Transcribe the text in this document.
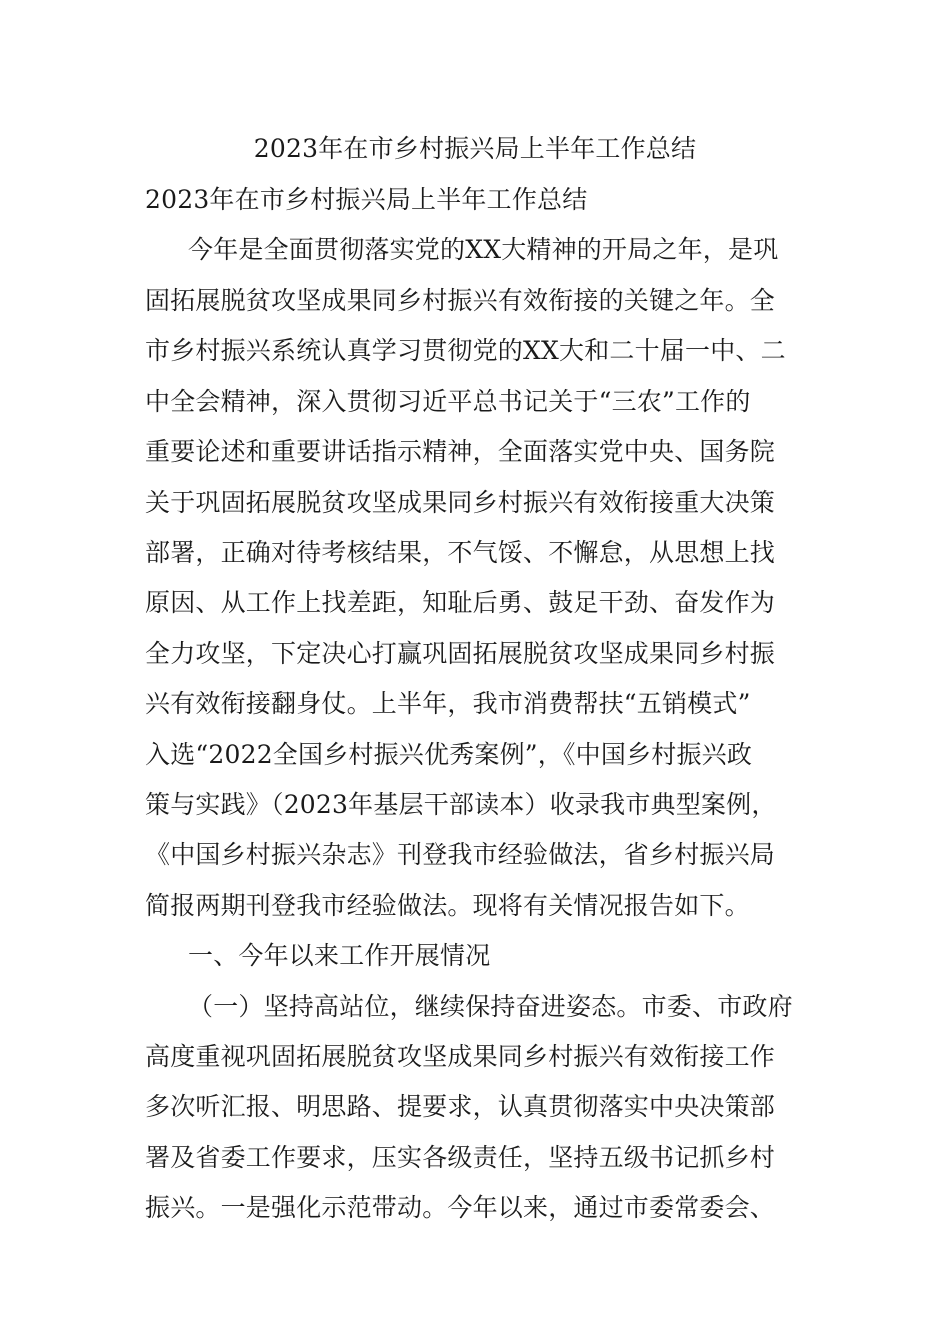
2023年在市乡村振兴局上半年工作总结
2023年在市乡村振兴局上半年工作总结
今年是全面贯彻落实党的XX大精神的开局之年，是巩
固拓展脱贫攻坚成果同乡村振兴有效衔接的关键之年。全
市乡村振兴系统认真学习贯彻党的XX大和二十届一中、二
中全会精神，深入贯彻习近平总书记关于“三农”工作的
重要论述和重要讲话指示精神，全面落实党中央、国务院
关于巩固拓展脱贫攻坚成果同乡村振兴有效衔接重大决策
部署，正确对待考核结果，不气馁、不懈怠，从思想上找
原因、从工作上找差距，知耻后勇、鼓足干劲、奋发作为
全力攻坚，下定决心打赢巩固拓展脱贫攻坚成果同乡村振
兴有效衔接翻身仗。上半年，我市消费帮扶“五销模式”
入选“2022全国乡村振兴优秀案例”，《中国乡村振兴政
策与实践》（2023年基层干部读本）收录我市典型案例，
《中国乡村振兴杂志》刊登我市经验做法，省乡村振兴局
简报两期刊登我市经验做法。现将有关情况报告如下。
一、今年以来工作开展情况
（一）坚持高站位，继续保持奋进姿态。市委、市政府
高度重视巩固拓展脱贫攻坚成果同乡村振兴有效衔接工作
多次听汇报、明思路、提要求，认真贯彻落实中央决策部
署及省委工作要求，压实各级责任，坚持五级书记抓乡村
振兴。一是强化示范带动。今年以来，通过市委常委会、
